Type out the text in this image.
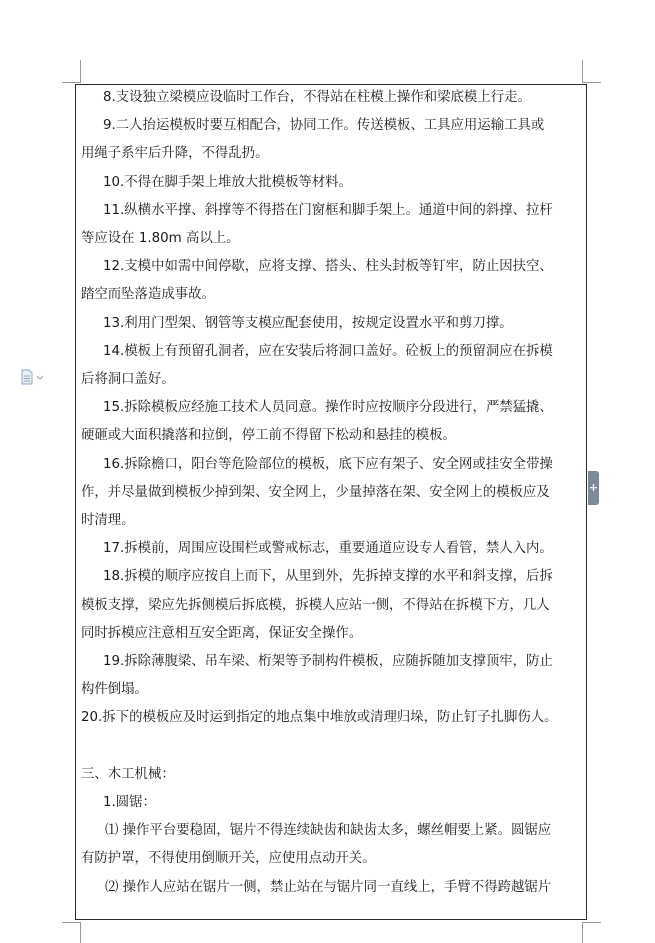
+

8.支设独立梁模应设临时工作台，不得站在柱模上操作和梁底模上行走。

9.二人抬运模板时要互相配合，协同工作。传送模板、工具应用运输工具或

用绳子系牢后升降，不得乱扔。

10.不得在脚手架上堆放大批模板等材料。

11.纵横水平撑、斜撑等不得搭在门窗框和脚手架上。通道中间的斜撑、拉杆

等应设在 1.80m 高以上。

12.支模中如需中间停歇，应将支撑、搭头、柱头封板等钉牢，防止因扶空、

踏空而坠落造成事故。

13.利用门型架、钢管等支模应配套使用，按规定设置水平和剪刀撑。

14.模板上有预留孔洞者，应在安装后将洞口盖好。砼板上的预留洞应在拆模

后将洞口盖好。

15.拆除模板应经施工技术人员同意。操作时应按顺序分段进行，严禁猛撬、

硬砸或大面积撬落和拉倒，停工前不得留下松动和悬挂的模板。

16.拆除檐口，阳台等危险部位的模板，底下应有架子、安全网或挂安全带操

作，并尽量做到模板少掉到架、安全网上，少量掉落在架、安全网上的模板应及

时清理。

17.拆模前，周围应设围栏或警戒标志，重要通道应设专人看管，禁人入内。

18.拆模的顺序应按自上而下，从里到外，先拆掉支撑的水平和斜支撑，后拆

模板支撑，梁应先拆侧模后拆底模，拆模人应站一侧，不得站在拆模下方，几人

同时拆模应注意相互安全距离，保证安全操作。

19.拆除薄腹梁、吊车梁、桁架等予制构件模板，应随拆随加支撑顶牢，防止

构件倒塌。

20.拆下的模板应及时运到指定的地点集中堆放或清理归垛，防止钉子扎脚伤人。

三、木工机械：

1.圆锯：

⑴ 操作平台要稳固，锯片不得连续缺齿和缺齿太多，螺丝帽要上紧。圆锯应

有防护罩，不得使用倒顺开关，应使用点动开关。

⑵ 操作人应站在锯片一侧，禁止站在与锯片同一直线上，手臂不得跨越锯片
